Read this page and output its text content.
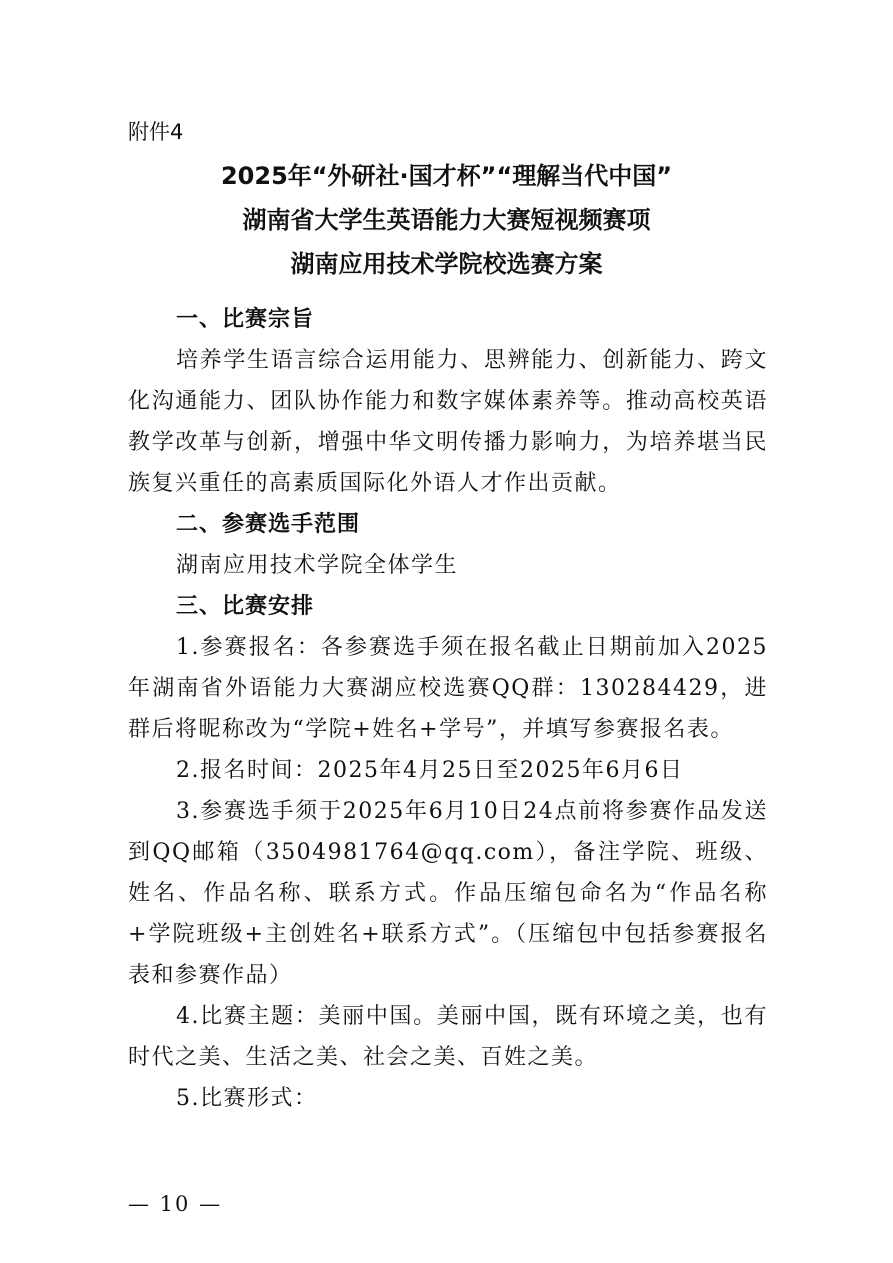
附件4
2025年“外研社·国才杯”“理解当代中国”
湖南省大学生英语能力大赛短视频赛项
湖南应用技术学院校选赛方案

一、比赛宗旨

培养学生语言综合运用能力、思辨能力、创新能力、跨文化沟通能力、团队协作能力和数字媒体素养等。推动高校英语教学改革与创新，增强中华文明传播力影响力，为培养堪当民族复兴重任的高素质国际化外语人才作出贡献。

二、参赛选手范围

湖南应用技术学院全体学生

三、比赛安排

1.参赛报名：各参赛选手须在报名截止日期前加入2025年湖南省外语能力大赛湖应校选赛QQ群：130284429，进群后将昵称改为“学院+姓名+学号”，并填写参赛报名表。

2.报名时间：2025年4月25日至2025年6月6日

3.参赛选手须于2025年6月10日24点前将参赛作品发送到QQ邮箱（3504981764@qq.com），备注学院、班级、姓名、作品名称、联系方式。作品压缩包命名为“作品名称+学院班级+主创姓名+联系方式”。（压缩包中包括参赛报名表和参赛作品）

4.比赛主题：美丽中国。美丽中国，既有环境之美，也有时代之美、生活之美、社会之美、百姓之美。

5.比赛形式：

— 10 —
